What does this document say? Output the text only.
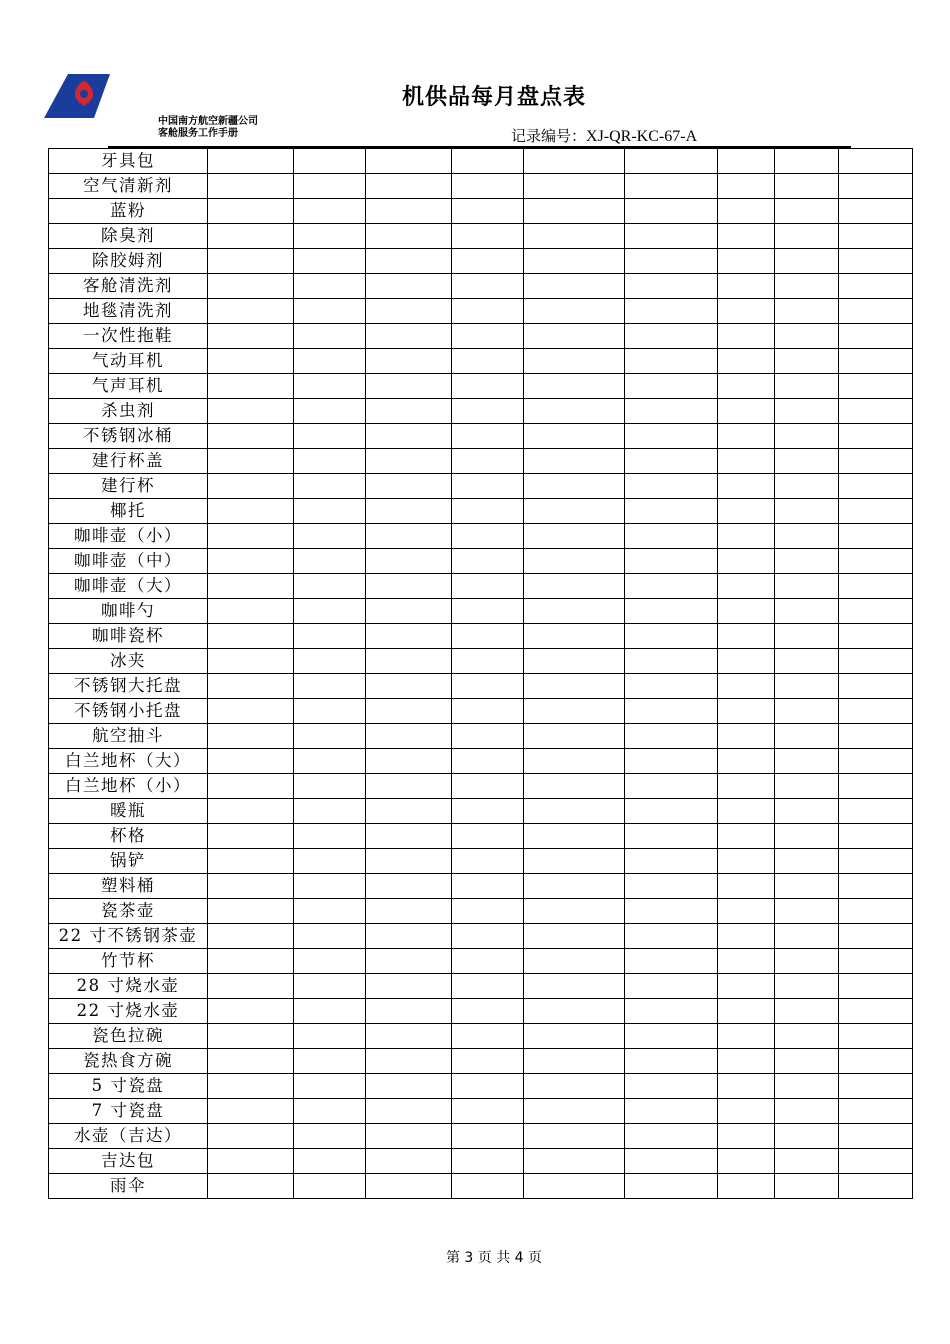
机供品每月盘点表
中国南方航空新疆公司
客舱服务工作手册	记录编号：XJ-QR-KC-67-A
牙具包									
空气清新剂									
蓝粉									
除臭剂									
除胶姆剂									
客舱清洗剂									
地毯清洗剂									
一次性拖鞋									
气动耳机									
气声耳机									
杀虫剂									
不锈钢冰桶									
建行杯盖									
建行杯									
椰托									
咖啡壶（小）									
咖啡壶（中）									
咖啡壶（大）									
咖啡勺									
咖啡瓷杯									
冰夹									
不锈钢大托盘									
不锈钢小托盘									
航空抽斗									
白兰地杯（大）									
白兰地杯（小）									
暖瓶									
杯格									
锅铲									
塑料桶									
瓷茶壶									
22 寸不锈钢茶壶									
竹节杯									
28 寸烧水壶									
22 寸烧水壶									
瓷色拉碗									
瓷热食方碗									
5 寸瓷盘									
7 寸瓷盘									
水壶（吉达）									
吉达包									
雨伞									
第 3 页 共 4 页
